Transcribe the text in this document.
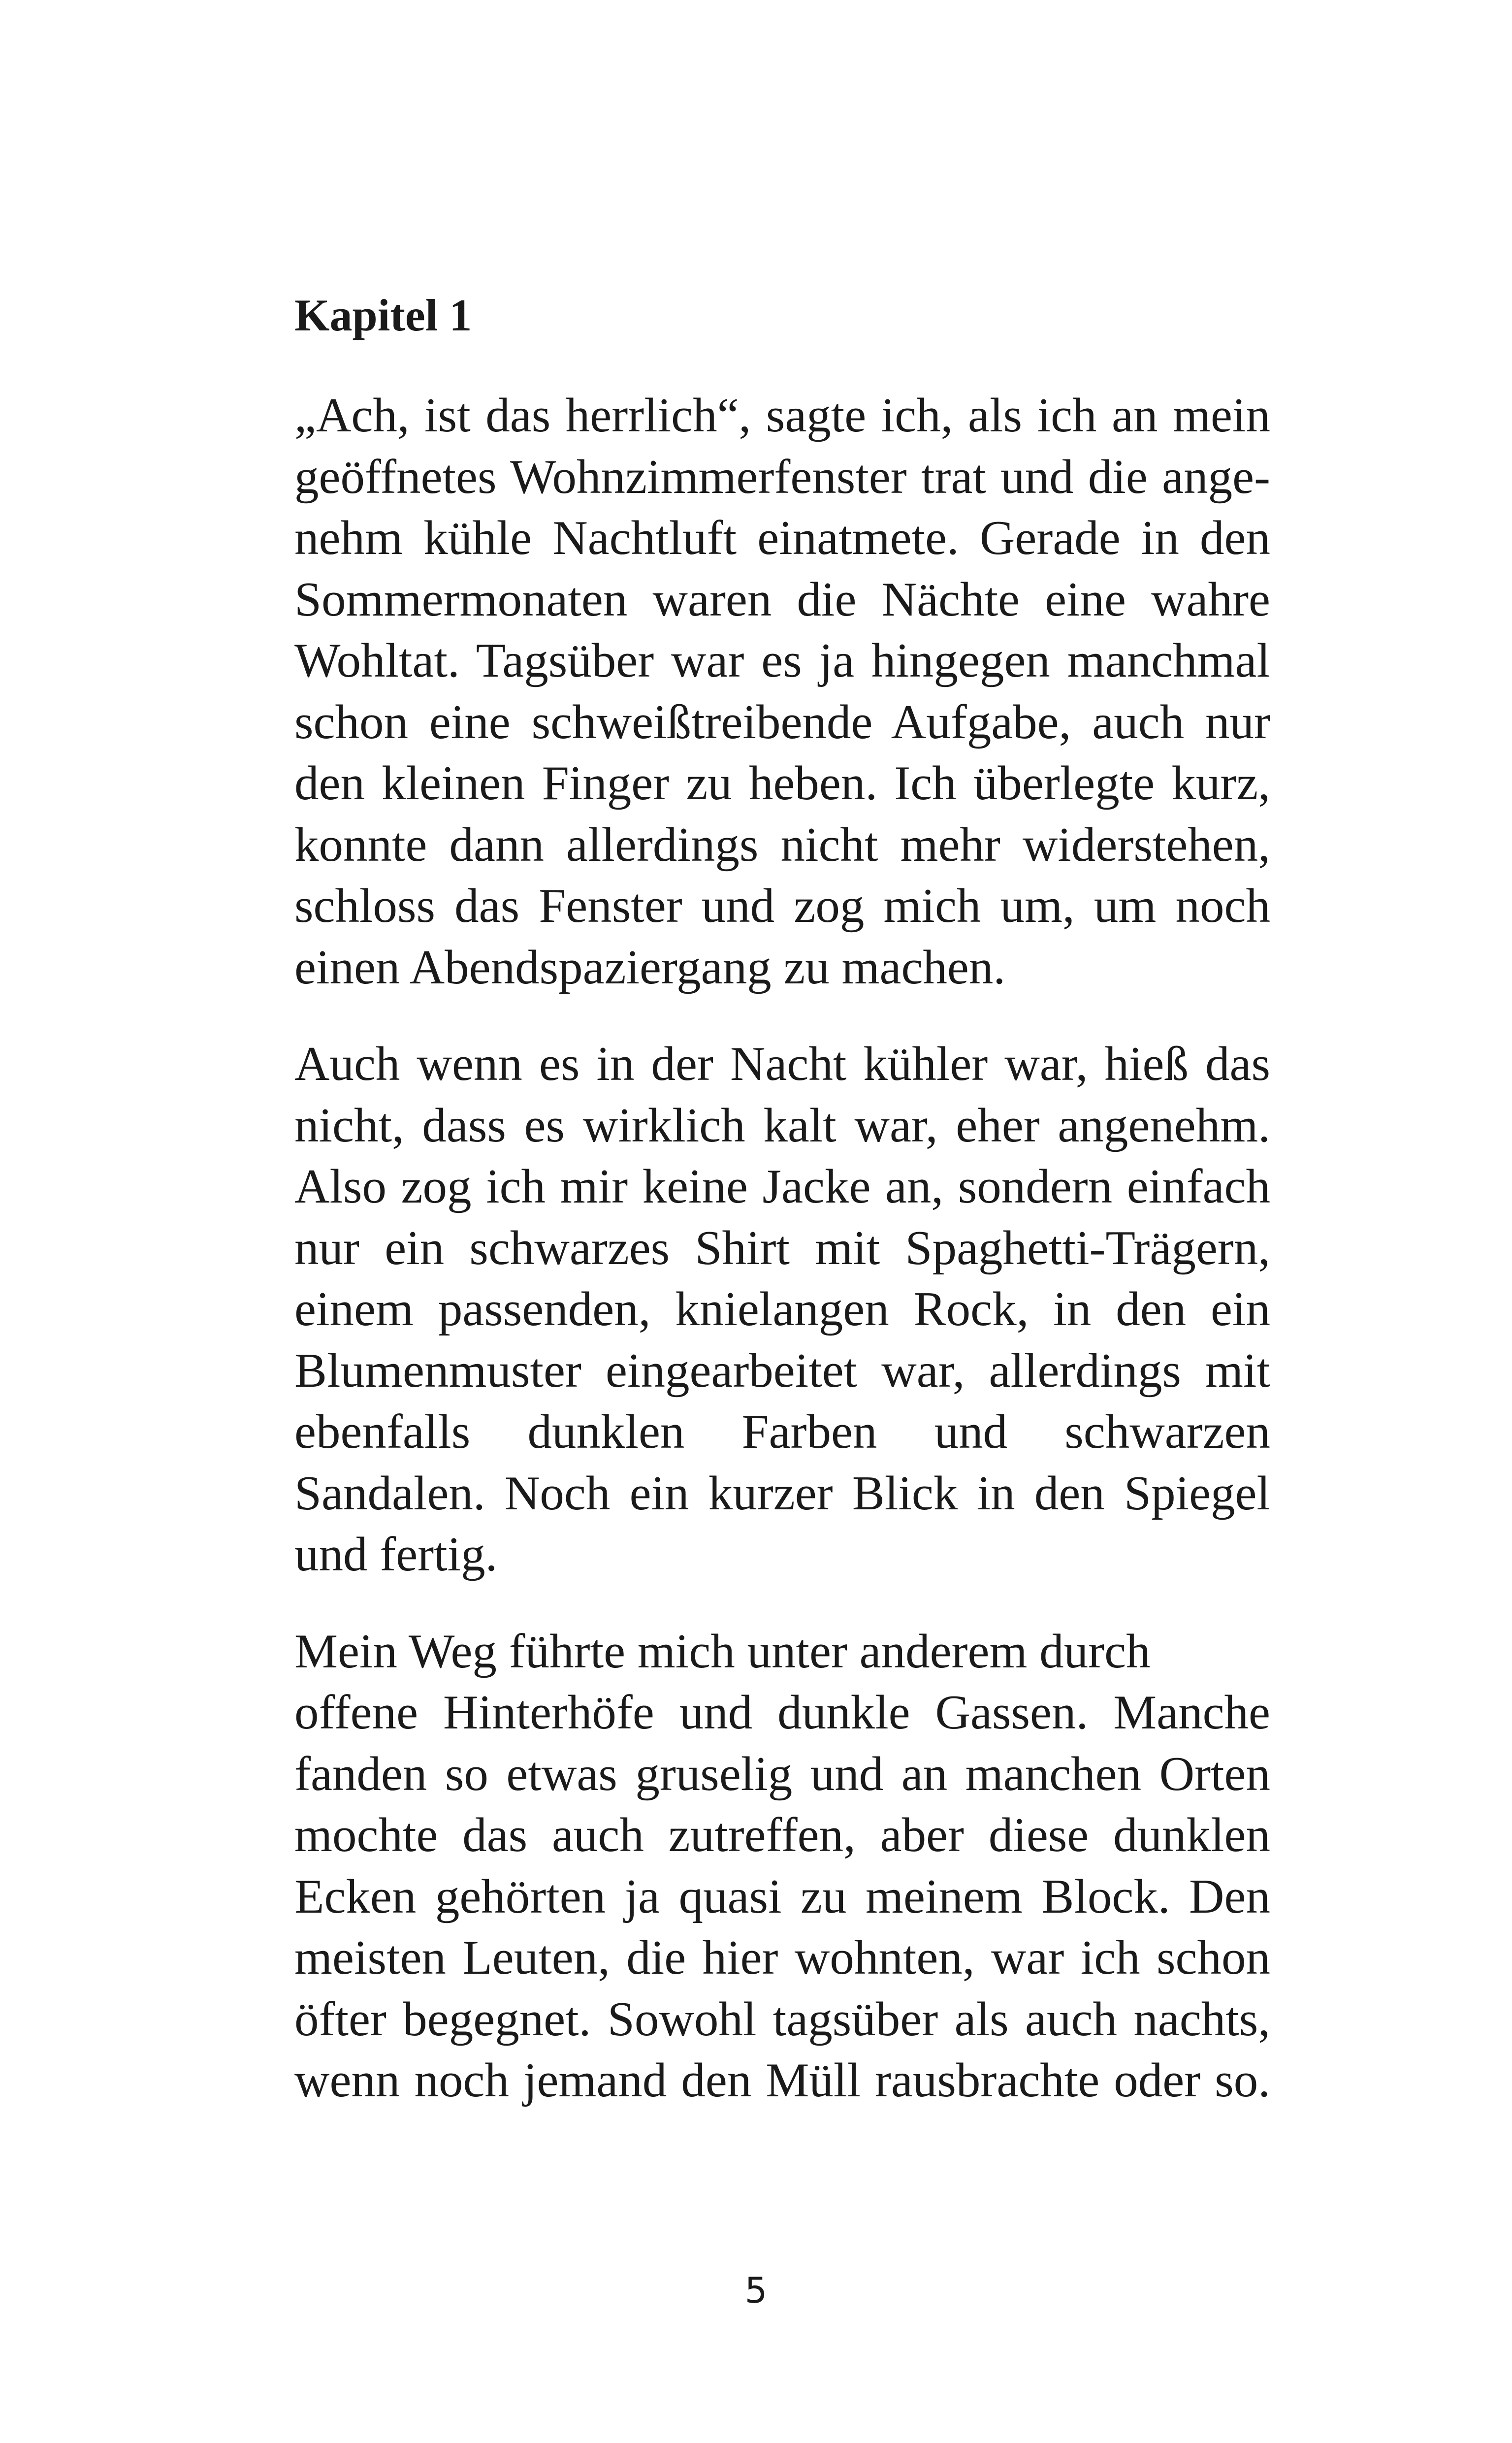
Kapitel 1
„Ach, ist das herrlich“, sagte ich, als ich an mein
geöffnetes Wohnzimmerfenster trat und die ange-
nehm kühle Nachtluft einatmete. Gerade in den
Sommermonaten waren die Nächte eine wahre
Wohltat. Tagsüber war es ja hingegen manchmal
schon eine schweißtreibende Aufgabe, auch nur
den kleinen Finger zu heben. Ich überlegte kurz,
konnte dann allerdings nicht mehr widerstehen,
schloss das Fenster und zog mich um, um noch
einen Abendspaziergang zu machen.
Auch wenn es in der Nacht kühler war, hieß das
nicht, dass es wirklich kalt war, eher angenehm.
Also zog ich mir keine Jacke an, sondern einfach
nur ein schwarzes Shirt mit Spaghetti-Trägern,
einem passenden, knielangen Rock, in den ein
Blumenmuster eingearbeitet war, allerdings mit
ebenfalls dunklen Farben und schwarzen
Sandalen. Noch ein kurzer Blick in den Spiegel
und fertig.
Mein Weg führte mich unter anderem durch
offene Hinterhöfe und dunkle Gassen. Manche
fanden so etwas gruselig und an manchen Orten
mochte das auch zutreffen, aber diese dunklen
Ecken gehörten ja quasi zu meinem Block. Den
meisten Leuten, die hier wohnten, war ich schon
öfter begegnet. Sowohl tagsüber als auch nachts,
wenn noch jemand den Müll rausbrachte oder so.
5
